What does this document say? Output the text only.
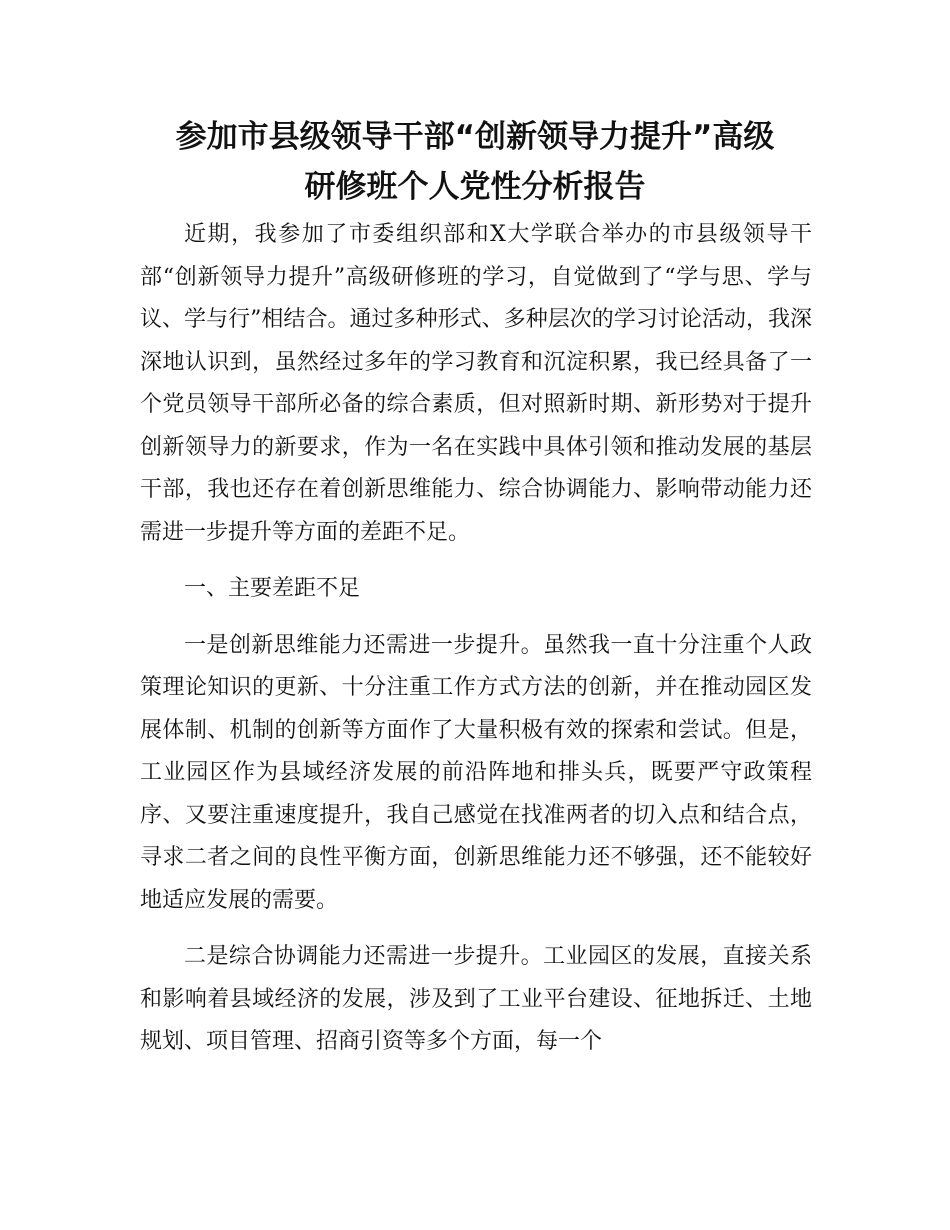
参加市县级领导干部“创新领导力提升”高级
研修班个人党性分析报告

近期，我参加了市委组织部和X大学联合举办的市县级领导干部“创新领导力提升”高级研修班的学习，自觉做到了“学与思、学与议、学与行”相结合。通过多种形式、多种层次的学习讨论活动，我深深地认识到，虽然经过多年的学习教育和沉淀积累，我已经具备了一个党员领导干部所必备的综合素质，但对照新时期、新形势对于提升创新领导力的新要求，作为一名在实践中具体引领和推动发展的基层干部，我也还存在着创新思维能力、综合协调能力、影响带动能力还需进一步提升等方面的差距不足。

一、主要差距不足

一是创新思维能力还需进一步提升。虽然我一直十分注重个人政策理论知识的更新、十分注重工作方式方法的创新，并在推动园区发展体制、机制的创新等方面作了大量积极有效的探索和尝试。但是，工业园区作为县域经济发展的前沿阵地和排头兵，既要严守政策程序、又要注重速度提升，我自己感觉在找准两者的切入点和结合点，寻求二者之间的良性平衡方面，创新思维能力还不够强，还不能较好地适应发展的需要。

二是综合协调能力还需进一步提升。工业园区的发展，直接关系和影响着县域经济的发展，涉及到了工业平台建设、征地拆迁、土地规划、项目管理、招商引资等多个方面，每一个
